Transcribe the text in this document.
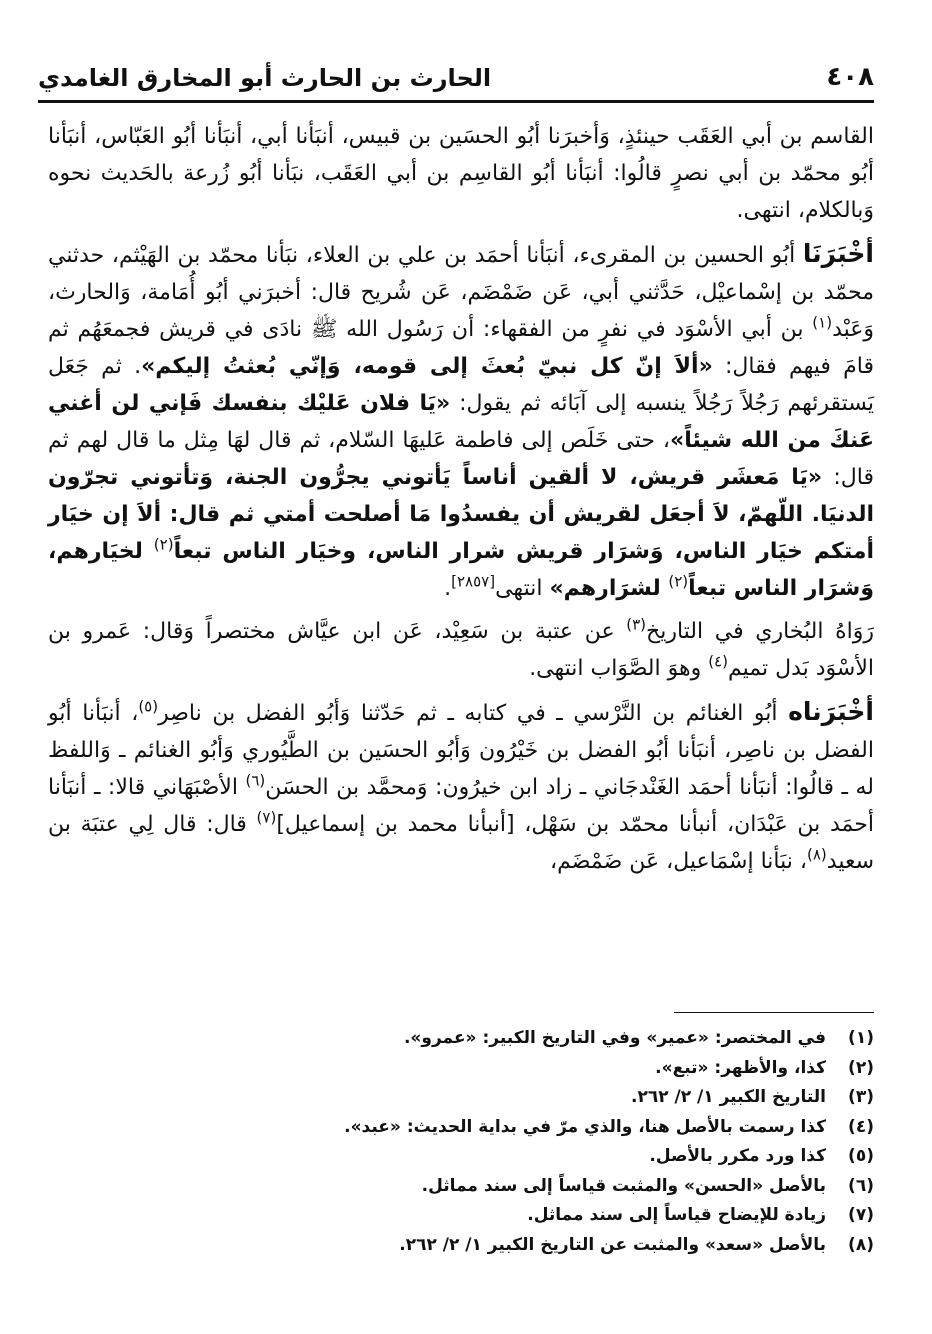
٤٠٨
الحارث بن الحارث أبو المخارق الغامدي

القاسم بن أبي العَقَب حينئذٍ، وَأخبرَنا أبُو الحسَين بن قبيس، أنبَأنا أبي، أنبَأنا أبُو العَبّاس، أنبَأنا أبُو محمّد بن أبي نصرٍ قالُوا: أنبَأنا أبُو القاسِم بن أبي العَقَب، نبَأنا أبُو زُرعة بالحَديث نحوه وَبالكلام، انتهى.

أخْبَرَنَا أبُو الحسين بن المقرىء، أنبَأنا أحمَد بن علي بن العلاء، نبَأنا محمّد بن الهَيْثم، حدثني محمّد بن إسْماعيْل، حَدَّثني أبي، عَن ضَمْضَم، عَن شُريح قال: أخبرَني أبُو أُمَامة، وَالحارث، وَعَبْد$^{(١)}$ بن أبي الأسْوَد في نفرٍ من الفقهاء: أن رَسُول الله ﷺ نادَى في قريش فجمعَهُم ثم قامَ فيهم فقال: «ألاَ إنّ كل نبيّ بُعثَ إلى قومه، وَإنّي بُعثتُ إليكم». ثم جَعَل يَستقرئهم رَجُلاً رَجُلاً ينسبه إلى آبَائه ثم يقول: «يَا فلان عَليْك بنفسك فَإني لن أغني عَنكَ من الله شيئاً»، حتى خَلَص إلى فاطمة عَليهَا السّلام، ثم قال لهَا مِثل ما قال لهم ثم قال: «يَا مَعشَر قريش، لا ألقين أناساً يَأتوني يجرُّون الجنة، وَتأتوني تجرّون الدنيَا. اللّهمّ، لاَ أجعَل لقريش أن يفسدُوا مَا أصلحت أمتي ثم قال: ألاَ إن خيَار أمتكم خيَار الناس، وَشرَار قريش شرار الناس، وخيَار الناس تبعاً$^{(٢)}$ لخيَارهم، وَشرَار الناس تبعاً$^{(٢)}$ لشرَارهم» انتهى[٢٨٥٧].

رَوَاهُ البُخاري في التاريخ$^{(٣)}$ عن عتبة بن سَعِيْد، عَن ابن عيَّاش مختصراً وَقال: عَمرو بن الأسْوَد بَدل تميم$^{(٤)}$ وهوَ الصَّوَاب انتهى.

أخْبَرَناه أبُو الغنائم بن النَّرْسي ـ في كتابه ـ ثم حَدّثنا وَأبُو الفضل بن ناصِر$^{(٥)}$، أنبَأنا أبُو الفضل بن ناصِر، أنبَأنا أبُو الفضل بن خَيْرُون وَأبُو الحسَين بن الطَّيُوري وَأبُو الغنائم ـ وَاللفظ له ـ قالُوا: أنبَأنا أحمَد الغَنْدجَاني ـ زاد ابن خيرُون: وَمحمَّد بن الحسَن$^{(٦)}$ الأصْبَهَاني قالا: ـ أنبَأنا أحمَد بن عَبْدَان، أنبأنا محمّد بن سَهْل، [أنبأنا محمد بن إسماعيل]$^{(٧)}$ قال: قال لِي عتبَة بن سعيد$^{(٨)}$، نبَأنا إسْمَاعيل، عَن ضَمْضَم،

(١)
في المختصر: «عمير» وفي التاريخ الكبير: «عمرو».
(٢)
كذا، والأظهر: «تبع».
(٣)
التاريخ الكبير ١/ ٢/ ٢٦٢.
(٤)
كذا رسمت بالأصل هنا، والذي مرّ في بداية الحديث: «عبد».
(٥)
كذا ورد مكرر بالأصل.
(٦)
بالأصل «الحسن» والمثبت قياساً إلى سند مماثل.
(٧)
زيادة للإيضاح قياساً إلى سند مماثل.
(٨)
بالأصل «سعد» والمثبت عن التاريخ الكبير ١/ ٢/ ٢٦٢.
